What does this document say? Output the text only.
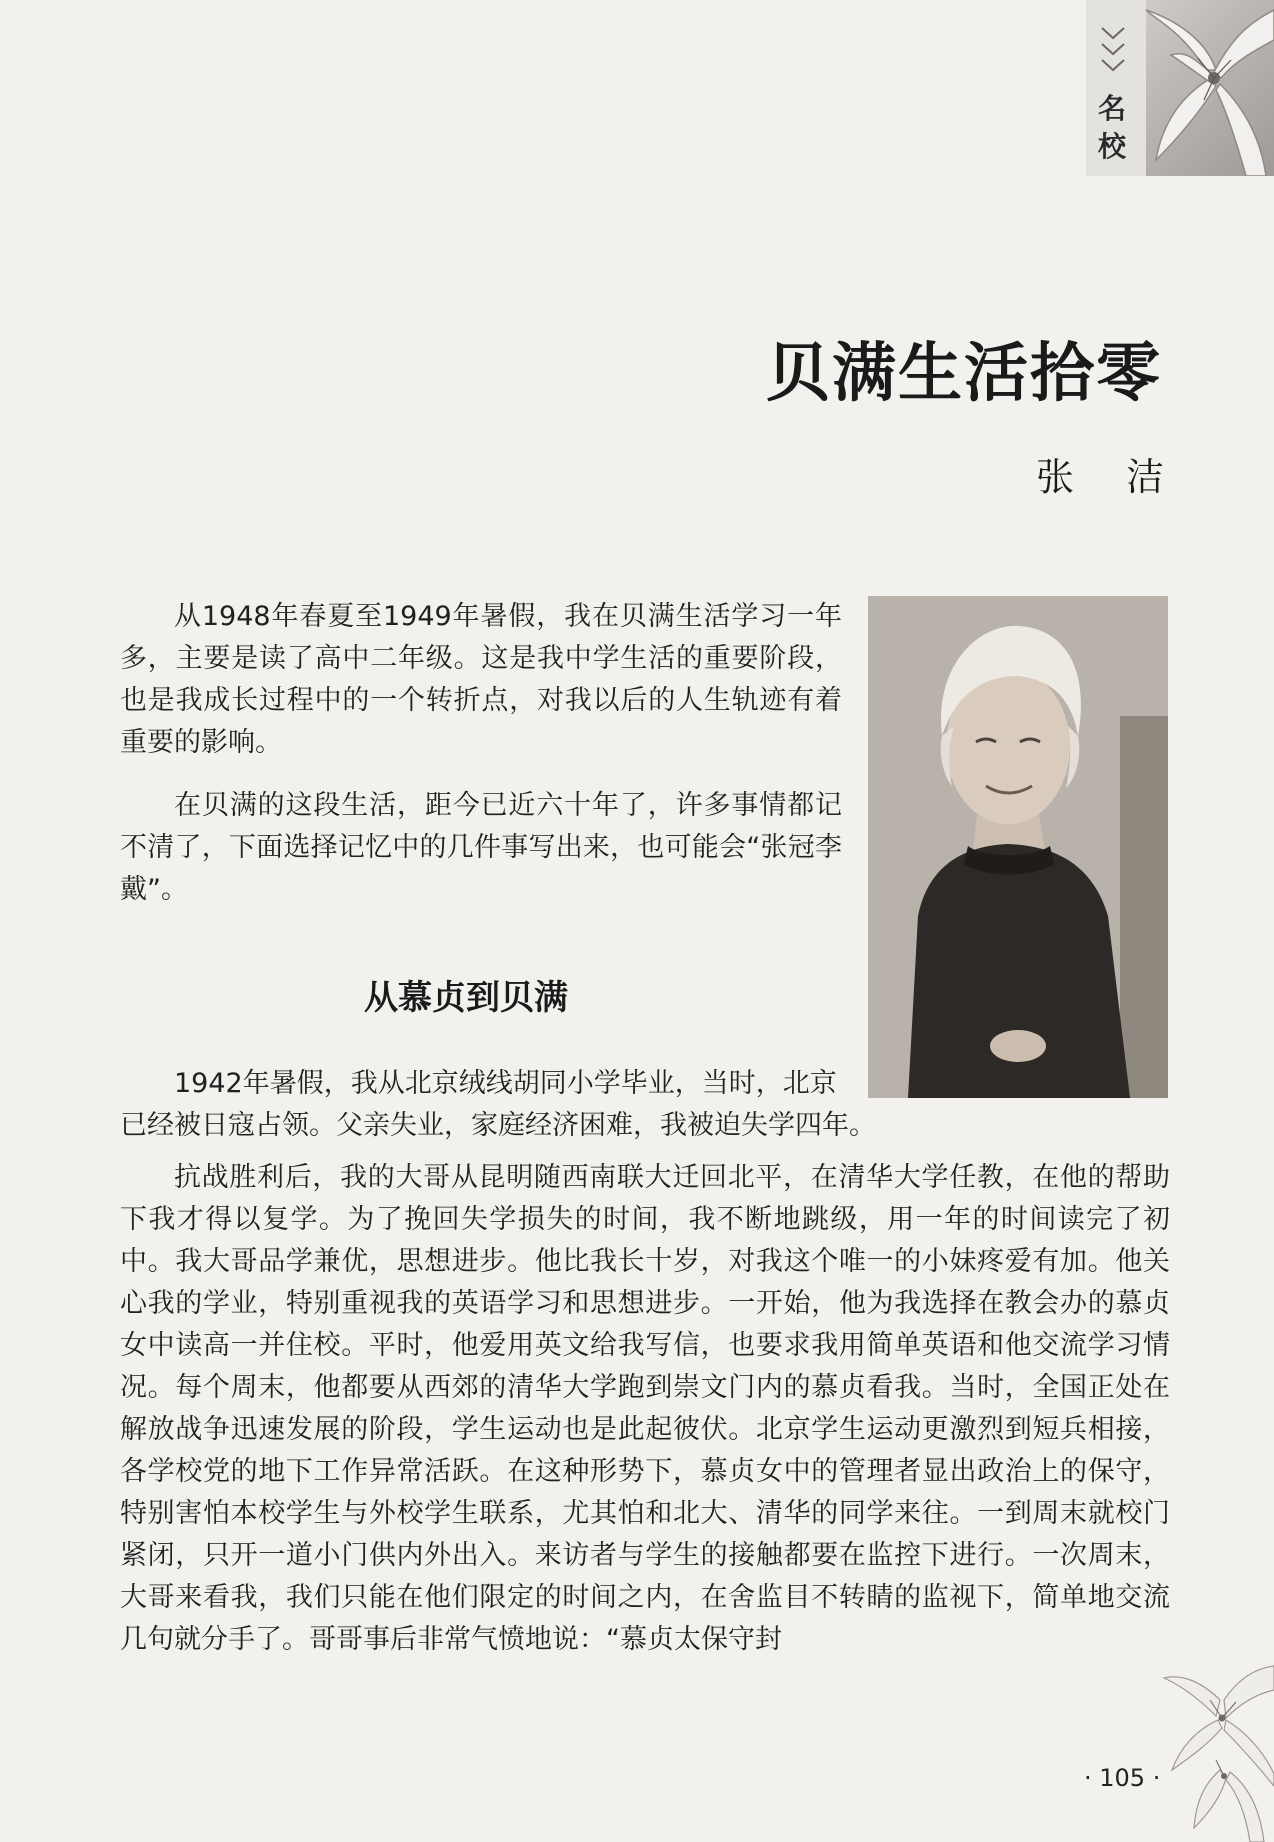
名
校
贝满生活拾零
张洁

从1948年春夏至1949年暑假，我在贝满生活学习一年多，主要是读了高中二年级。这是我中学生活的重要阶段，也是我成长过程中的一个转折点，对我以后的人生轨迹有着重要的影响。

在贝满的这段生活，距今已近六十年了，许多事情都记不清了，下面选择记忆中的几件事写出来，也可能会“张冠李戴”。

从慕贞到贝满

1942年暑假，我从北京绒线胡同小学毕业，当时，北京

已经被日寇占领。父亲失业，家庭经济困难，我被迫失学四年。

抗战胜利后，我的大哥从昆明随西南联大迁回北平，在清华大学任教，在他的帮助下我才得以复学。为了挽回失学损失的时间，我不断地跳级，用一年的时间读完了初中。我大哥品学兼优，思想进步。他比我长十岁，对我这个唯一的小妹疼爱有加。他关心我的学业，特别重视我的英语学习和思想进步。一开始，他为我选择在教会办的慕贞女中读高一并住校。平时，他爱用英文给我写信，也要求我用简单英语和他交流学习情况。每个周末，他都要从西郊的清华大学跑到崇文门内的慕贞看我。当时，全国正处在解放战争迅速发展的阶段，学生运动也是此起彼伏。北京学生运动更激烈到短兵相接，各学校党的地下工作异常活跃。在这种形势下，慕贞女中的管理者显出政治上的保守，特别害怕本校学生与外校学生联系，尤其怕和北大、清华的同学来往。一到周末就校门紧闭，只开一道小门供内外出入。来访者与学生的接触都要在监控下进行。一次周末，大哥来看我，我们只能在他们限定的时间之内，在舍监目不转睛的监视下，简单地交流几句就分手了。哥哥事后非常气愤地说：“慕贞太保守封

· 105 ·
